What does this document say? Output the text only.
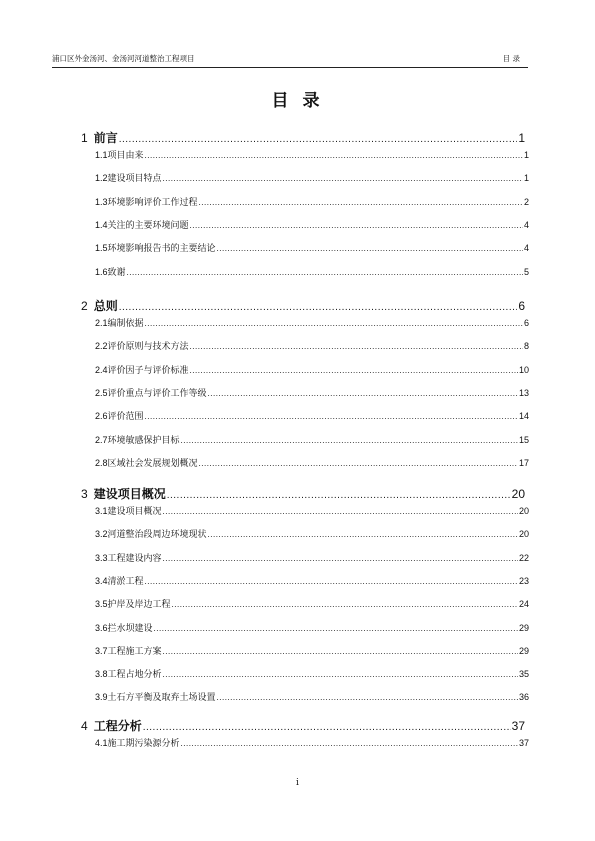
浦口区外金汤河、金汤河河道整治工程项目	目 录
目 录
1 前言 .....	1
1.1项目由来 .....	1
1.2建设项目特点 .....	1
1.3环境影响评价工作过程 .....	2
1.4关注的主要环境问题 .....	4
1.5环境影响报告书的主要结论 .....	4
1.6致谢 .....	5
2 总则 .....	6
2.1编制依据 .....	6
2.2评价原则与技术方法 .....	8
2.4评价因子与评价标准 .....	10
2.5评价重点与评价工作等级 .....	13
2.6评价范围 .....	14
2.7环境敏感保护目标 .....	15
2.8区域社会发展规划概况 .....	17
3 建设项目概况 .....	20
3.1建设项目概况 .....	20
3.2河道整治段周边环境现状 .....	20
3.3工程建设内容 .....	22
3.4清淤工程 .....	23
3.5护岸及岸边工程 .....	24
3.6拦水坝建设 .....	29
3.7工程施工方案 .....	29
3.8工程占地分析 .....	35
3.9土石方平衡及取弃土场设置 .....	36
4 工程分析 .....	37
4.1施工期污染源分析 .....	37
i
